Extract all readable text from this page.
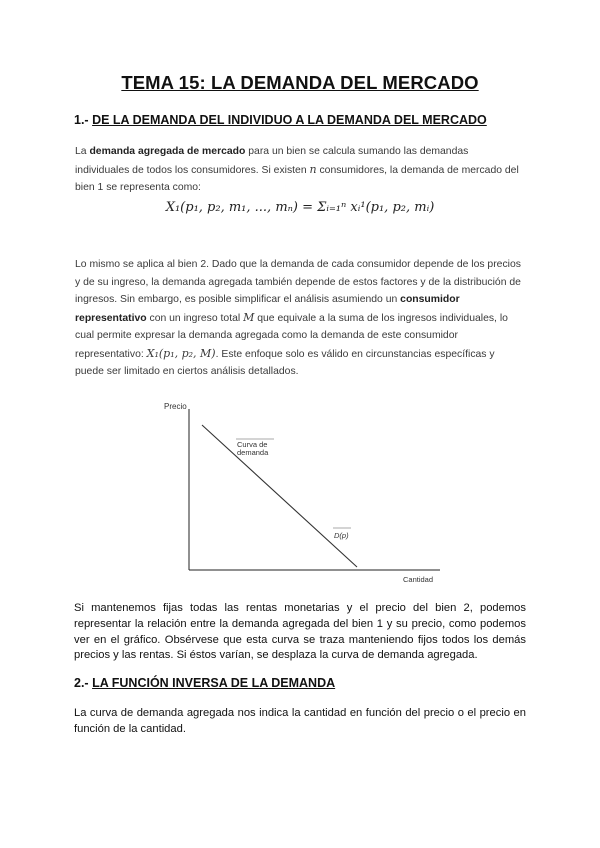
TEMA 15: LA DEMANDA DEL MERCADO
1.- DE LA DEMANDA DEL INDIVIDUO A LA DEMANDA DEL MERCADO
La demanda agregada de mercado para un bien se calcula sumando las demandas individuales de todos los consumidores. Si existen n consumidores, la demanda de mercado del bien 1 se representa como:
X₁(p₁, p₂, m₁, ..., mₙ) = Σᵢ₌₁ⁿ xᵢ¹(p₁, p₂, mᵢ)
Lo mismo se aplica al bien 2. Dado que la demanda de cada consumidor depende de los precios y de su ingreso, la demanda agregada también depende de estos factores y de la distribución de ingresos. Sin embargo, es posible simplificar el análisis asumiendo un consumidor representativo con un ingreso total M que equivale a la suma de los ingresos individuales, lo cual permite expresar la demanda agregada como la demanda de este consumidor representativo: X₁(p₁, p₂, M). Este enfoque solo es válido en circunstancias específicas y puede ser limitado en ciertos análisis detallados.
Precio
Curva de
demanda
D(p)
Cantidad
Si mantenemos fijas todas las rentas monetarias y el precio del bien 2, podemos representar la relación entre la demanda agregada del bien 1 y su precio, como podemos ver en el gráfico. Obsérvese que esta curva se traza manteniendo fijos todos los demás precios y las rentas. Si éstos varían, se desplaza la curva de demanda agregada.
2.- LA FUNCIÓN INVERSA DE LA DEMANDA
La curva de demanda agregada nos indica la cantidad en función del precio o el precio en función de la cantidad.
